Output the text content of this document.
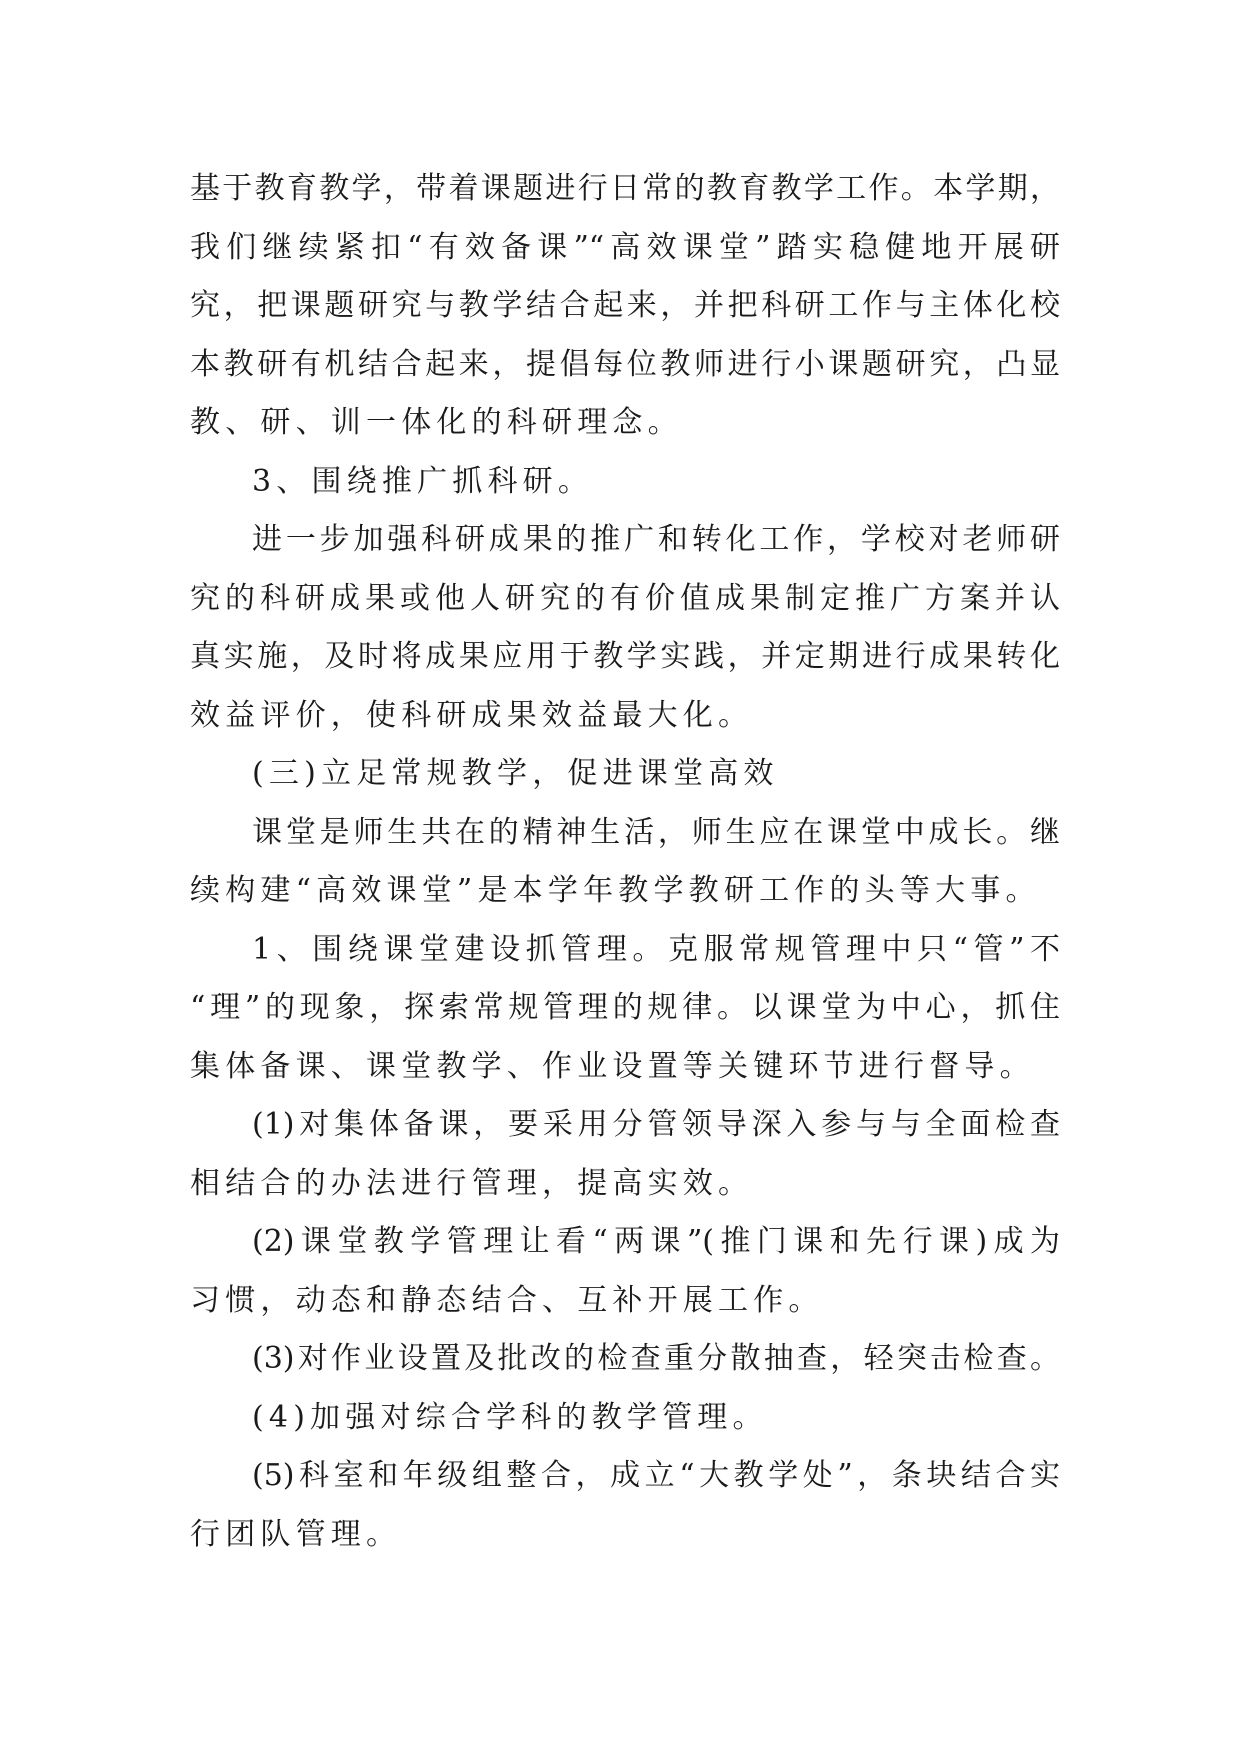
基于教育教学，带着课题进行日常的教育教学工作。本学期，
我们继续紧扣“有效备课”“高效课堂”踏实稳健地开展研
究，把课题研究与教学结合起来，并把科研工作与主体化校
本教研有机结合起来，提倡每位教师进行小课题研究，凸显
教、研、训一体化的科研理念。
3、围绕推广抓科研。
进一步加强科研成果的推广和转化工作，学校对老师研
究的科研成果或他人研究的有价值成果制定推广方案并认
真实施，及时将成果应用于教学实践，并定期进行成果转化
效益评价，使科研成果效益最大化。
(三)立足常规教学，促进课堂高效
课堂是师生共在的精神生活，师生应在课堂中成长。继
续构建“高效课堂”是本学年教学教研工作的头等大事。
1、围绕课堂建设抓管理。克服常规管理中只“管”不
“理”的现象，探索常规管理的规律。以课堂为中心，抓住
集体备课、课堂教学、作业设置等关键环节进行督导。
(1)对集体备课，要采用分管领导深入参与与全面检查
相结合的办法进行管理，提高实效。
(2)课堂教学管理让看“两课”(推门课和先行课)成为
习惯，动态和静态结合、互补开展工作。
(3)对作业设置及批改的检查重分散抽查，轻突击检查。
(4)加强对综合学科的教学管理。
(5)科室和年级组整合，成立“大教学处”，条块结合实
行团队管理。
